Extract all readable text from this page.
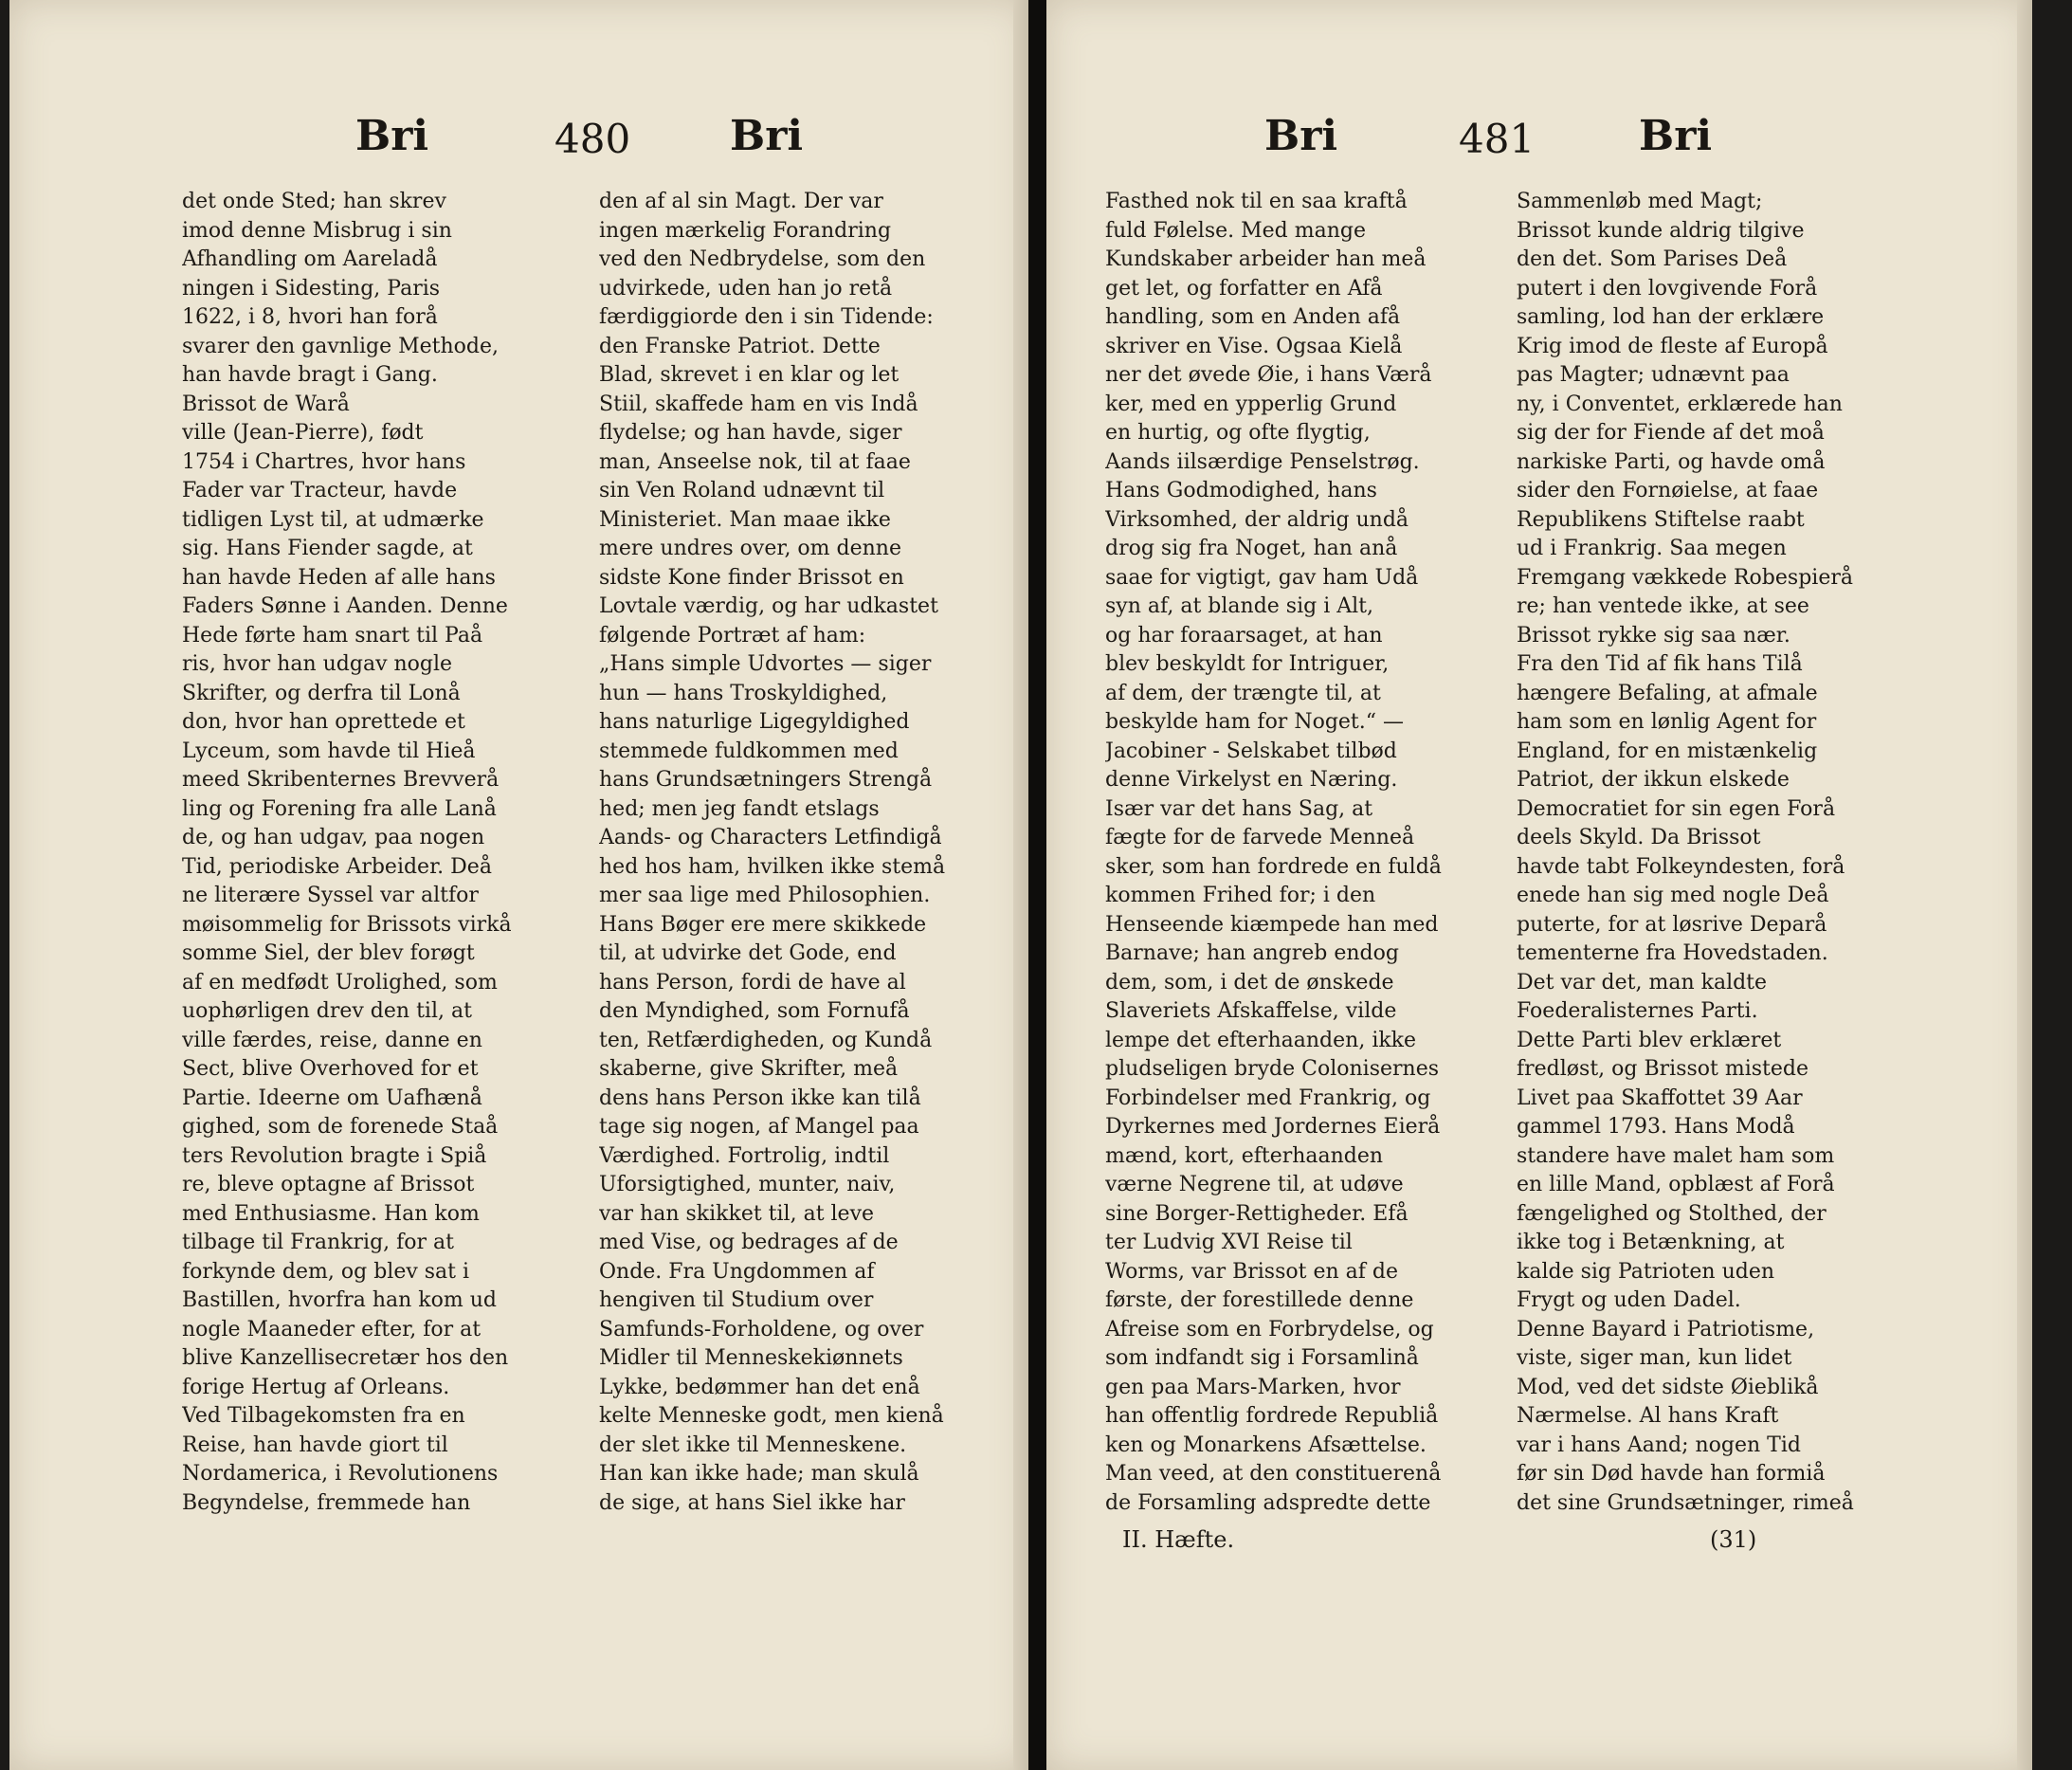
Bri	480 Bri
det onde Sted; han skrev
imod denne Misbrug i sin
Afhandling om Aareladå
ningen i Sidesting, Paris
1622, i 8, hvori han forå
svarer den gavnlige Methode,
han havde bragt i Gang.
Brissot de Warå
ville (Jean-Pierre), født
1754 i Chartres, hvor hans
Fader var Tracteur, havde
tidligen Lyst til, at udmærke
sig. Hans Fiender sagde, at
han havde Heden af alle hans
Faders Sønne i Aanden. Denne
Hede førte ham snart til Paå
ris, hvor han udgav nogle
Skrifter, og derfra til Lonå
don, hvor han oprettede et
Lyceum, som havde til Hieå
meed Skribenternes Brevverå
ling og Forening fra alle Lanå
de, og han udgav, paa nogen
Tid, periodiske Arbeider. Deå
ne literære Syssel var altfor
møisommelig for Brissots virkå
somme Siel, der blev forøgt
af en medfødt Urolighed, som
uophørligen drev den til, at
ville færdes, reise, danne en
Sect, blive Overhoved for et
Partie. Ideerne om Uafhænå
gighed, som de forenede Staå
ters Revolution bragte i Spiå
re, bleve optagne af Brissot
med Enthusiasme. Han kom
tilbage til Frankrig, for at
forkynde dem, og blev sat i
Bastillen, hvorfra han kom ud
nogle Maaneder efter, for at
blive Kanzellisecretær hos den
forige Hertug af Orleans.
Ved Tilbagekomsten fra en
Reise, han havde giort til
Nordamerica, i Revolutionens
Begyndelse, fremmede han
den af al sin Magt. Der var
ingen mærkelig Forandring
ved den Nedbrydelse, som den
udvirkede, uden han jo retå
færdiggiorde den i sin Tidende:
den Franske Patriot. Dette
Blad, skrevet i en klar og let
Stiil, skaffede ham en vis Indå
flydelse; og han havde, siger
man, Anseelse nok, til at faae
sin Ven Roland udnævnt til
Ministeriet. Man maae ikke
mere undres over, om denne
sidste Kone finder Brissot en
Lovtale værdig, og har udkastet
følgende Portræt af ham:
„Hans simple Udvortes — siger
hun — hans Troskyldighed,
hans naturlige Ligegyldighed
stemmede fuldkommen med
hans Grundsætningers Strengå
hed; men jeg fandt etslags
Aands- og Characters Letfindigå
hed hos ham, hvilken ikke stemå
mer saa lige med Philosophien.
Hans Bøger ere mere skikkede
til, at udvirke det Gode, end
hans Person, fordi de have al
den Myndighed, som Fornufå
ten, Retfærdigheden, og Kundå
skaberne, give Skrifter, meå
dens hans Person ikke kan tilå
tage sig nogen, af Mangel paa
Værdighed. Fortrolig, indtil
Uforsigtighed, munter, naiv,
var han skikket til, at leve
med Vise, og bedrages af de
Onde. Fra Ungdommen af
hengiven til Studium over
Samfunds-Forholdene, og over
Midler til Menneskekiønnets
Lykke, bedømmer han det enå
kelte Menneske godt, men kienå
der slet ikke til Menneskene.
Han kan ikke hade; man skulå
de sige, at hans Siel ikke har
Bri	481 Bri
Fasthed nok til en saa kraftå
fuld Følelse. Med mange
Kundskaber arbeider han meå
get let, og forfatter en Afå
handling, som en Anden afå
skriver en Vise. Ogsaa Kielå
ner det øvede Øie, i hans Værå
ker, med en ypperlig Grund
en hurtig, og ofte flygtig,
Aands iilsærdige Penselstrøg.
Hans Godmodighed, hans
Virksomhed, der aldrig undå
drog sig fra Noget, han anå
saae for vigtigt, gav ham Udå
syn af, at blande sig i Alt,
og har foraarsaget, at han
blev beskyldt for Intriguer,
af dem, der trængte til, at
beskylde ham for Noget.“ —
Jacobiner - Selskabet tilbød
denne Virkelyst en Næring.
Især var det hans Sag, at
fægte for de farvede Menneå
sker, som han fordrede en fuldå
kommen Frihed for; i den
Henseende kiæmpede han med
Barnave; han angreb endog
dem, som, i det de ønskede
Slaveriets Afskaffelse, vilde
lempe det efterhaanden, ikke
pludseligen bryde Colonisernes
Forbindelser med Frankrig, og
Dyrkernes med Jordernes Eierå
mænd, kort, efterhaanden
værne Negrene til, at udøve
sine Borger-Rettigheder. Efå
ter Ludvig XVI Reise til
Worms, var Brissot en af de
første, der forestillede denne
Afreise som en Forbrydelse, og
som indfandt sig i Forsamlinå
gen paa Mars-Marken, hvor
han offentlig fordrede Republiå
ken og Monarkens Afsættelse.
Man veed, at den constituerenå
de Forsamling adspredte dette
Sammenløb med Magt;
Brissot kunde aldrig tilgive
den det. Som Parises Deå
putert i den lovgivende Forå
samling, lod han der erklære
Krig imod de fleste af Europå
pas Magter; udnævnt paa
ny, i Conventet, erklærede han
sig der for Fiende af det moå
narkiske Parti, og havde omå
sider den Fornøielse, at faae
Republikens Stiftelse raabt
ud i Frankrig. Saa megen
Fremgang vækkede Robespierå
re; han ventede ikke, at see
Brissot rykke sig saa nær.
Fra den Tid af fik hans Tilå
hængere Befaling, at afmale
ham som en lønlig Agent for
England, for en mistænkelig
Patriot, der ikkun elskede
Democratiet for sin egen Forå
deels Skyld. Da Brissot
havde tabt Folkeyndesten, forå
enede han sig med nogle Deå
puterte, for at løsrive Deparå
tementerne fra Hovedstaden.
Det var det, man kaldte
Foederalisternes Parti.
Dette Parti blev erklæret
fredløst, og Brissot mistede
Livet paa Skaffottet 39 Aar
gammel 1793. Hans Modå
standere have malet ham som
en lille Mand, opblæst af Forå
fængelighed og Stolthed, der
ikke tog i Betænkning, at
kalde sig Patrioten uden
Frygt og uden Dadel.
Denne Bayard i Patriotisme,
viste, siger man, kun lidet
Mod, ved det sidste Øieblikå
Nærmelse. Al hans Kraft
var i hans Aand; nogen Tid
før sin Død havde han formiå
det sine Grundsætninger, rimeå
II. Hæfte.	(31)
